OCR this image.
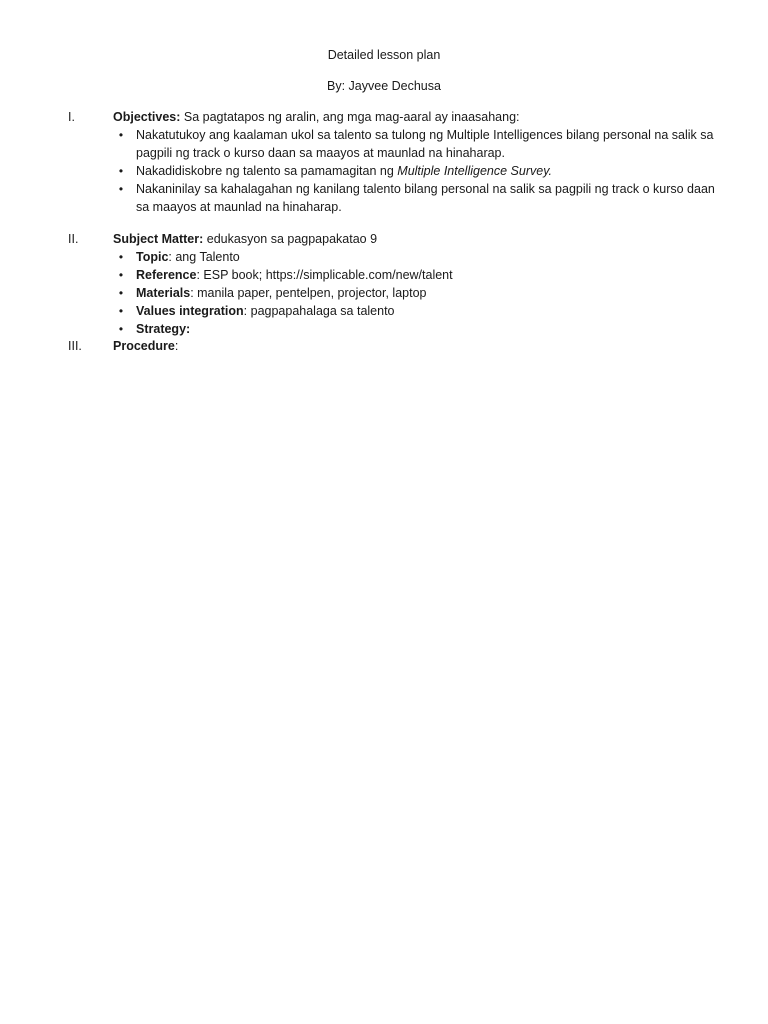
Detailed lesson plan
By: Jayvee Dechusa
I.	Objectives: Sa pagtatapos ng aralin, ang mga mag-aaral ay inaasahang:
•	Nakatutukoy ang kaalaman ukol sa talento sa tulong ng Multiple Intelligences bilang personal na salik sa pagpili ng track o kurso daan sa maayos at maunlad na hinaharap.
•	Nakadidiskobre ng talento sa pamamagitan ng Multiple Intelligence Survey.
•	Nakaninilay sa kahalagahan ng kanilang talento bilang personal na salik sa pagpili ng track o kurso daan sa maayos at maunlad na hinaharap.
II.	Subject Matter: edukasyon sa pagpapakatao 9
•	Topic: ang Talento
•	Reference: ESP book; https://simplicable.com/new/talent
•	Materials: manila paper, pentelpen, projector, laptop
•	Values integration: pagpapahalaga sa talento
•	Strategy:
III.	Procedure:
